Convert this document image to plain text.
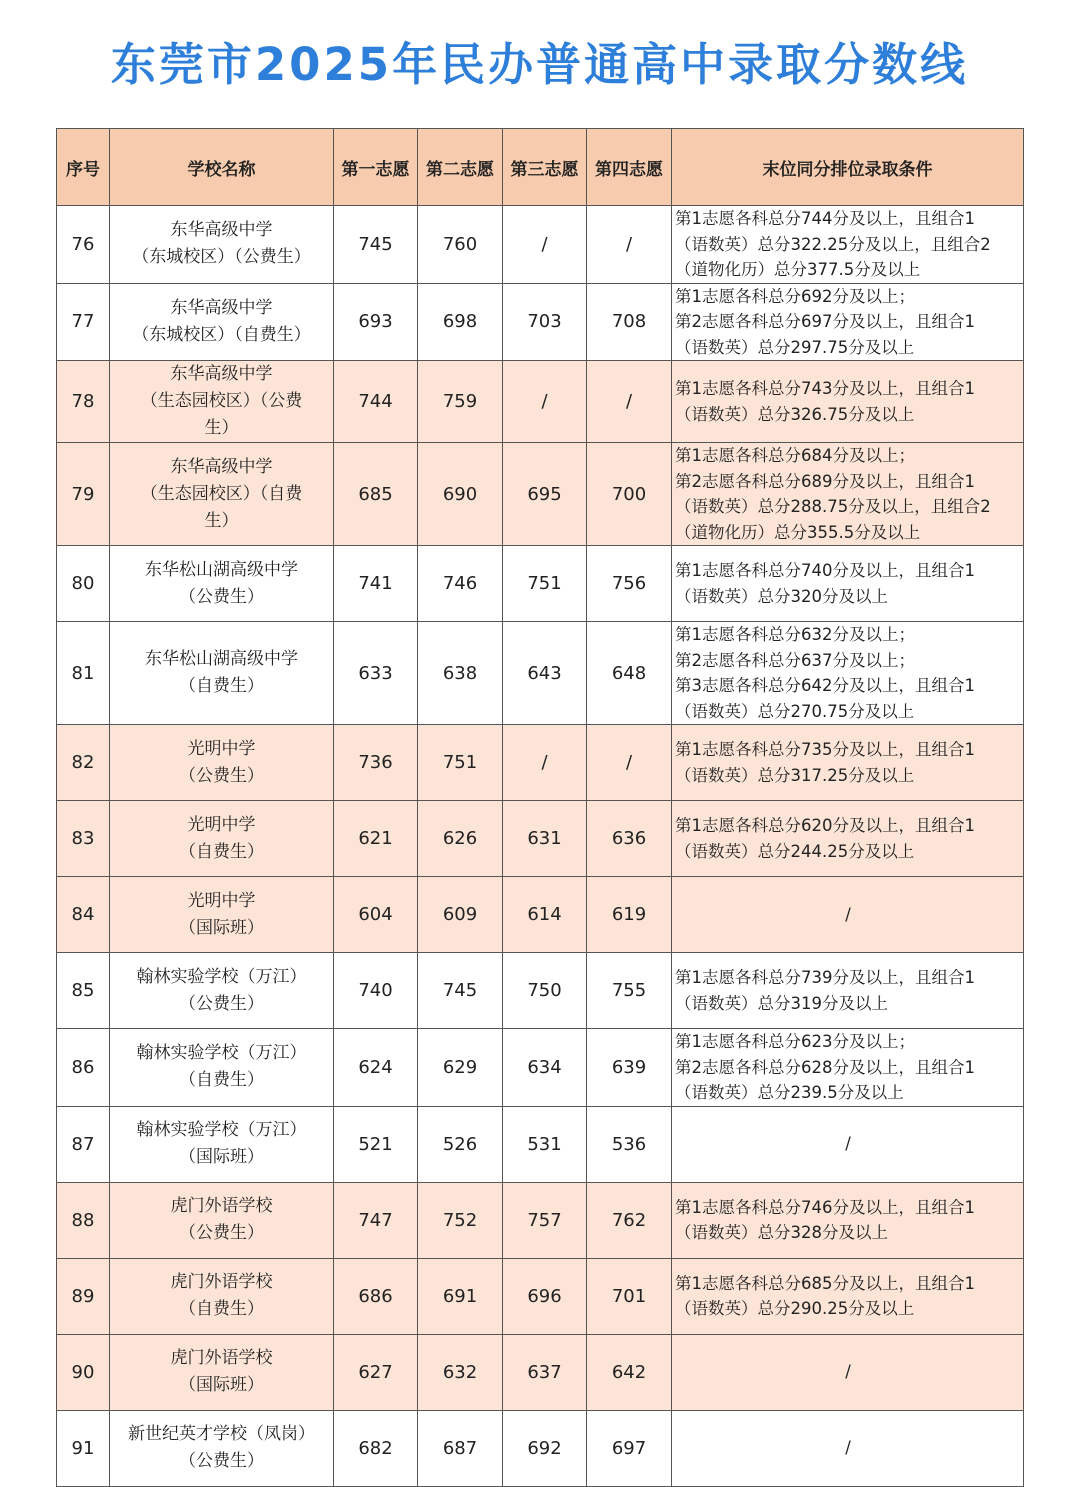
东莞市2025年民办普通高中录取分数线
序号	学校名称	第一志愿	第二志愿	第三志愿	第四志愿	末位同分排位录取条件
76	东华高级中学
（东城校区）（公费生）	745	760	/	/	第1志愿各科总分744分及以上，且组合1
（语数英）总分322.25分及以上，且组合2
（道物化历）总分377.5分及以上
77	东华高级中学
（东城校区）（自费生）	693	698	703	708	第1志愿各科总分692分及以上；
第2志愿各科总分697分及以上，且组合1
（语数英）总分297.75分及以上
78	东华高级中学
（生态园校区）（公费
生）	744	759	/	/	第1志愿各科总分743分及以上，且组合1
（语数英）总分326.75分及以上
79	东华高级中学
（生态园校区）（自费
生）	685	690	695	700	第1志愿各科总分684分及以上；
第2志愿各科总分689分及以上，且组合1
（语数英）总分288.75分及以上，且组合2
（道物化历）总分355.5分及以上
80	东华松山湖高级中学
（公费生）	741	746	751	756	第1志愿各科总分740分及以上，且组合1
（语数英）总分320分及以上
81	东华松山湖高级中学
（自费生）	633	638	643	648	第1志愿各科总分632分及以上；
第2志愿各科总分637分及以上；
第3志愿各科总分642分及以上，且组合1
（语数英）总分270.75分及以上
82	光明中学
（公费生）	736	751	/	/	第1志愿各科总分735分及以上，且组合1
（语数英）总分317.25分及以上
83	光明中学
（自费生）	621	626	631	636	第1志愿各科总分620分及以上，且组合1
（语数英）总分244.25分及以上
84	光明中学
（国际班）	604	609	614	619	/
85	翰林实验学校（万江）
（公费生）	740	745	750	755	第1志愿各科总分739分及以上，且组合1
（语数英）总分319分及以上
86	翰林实验学校（万江）
（自费生）	624	629	634	639	第1志愿各科总分623分及以上；
第2志愿各科总分628分及以上，且组合1
（语数英）总分239.5分及以上
87	翰林实验学校（万江）
（国际班）	521	526	531	536	/
88	虎门外语学校
（公费生）	747	752	757	762	第1志愿各科总分746分及以上，且组合1
（语数英）总分328分及以上
89	虎门外语学校
（自费生）	686	691	696	701	第1志愿各科总分685分及以上，且组合1
（语数英）总分290.25分及以上
90	虎门外语学校
（国际班）	627	632	637	642	/
91	新世纪英才学校（凤岗）
（公费生）	682	687	692	697	/
